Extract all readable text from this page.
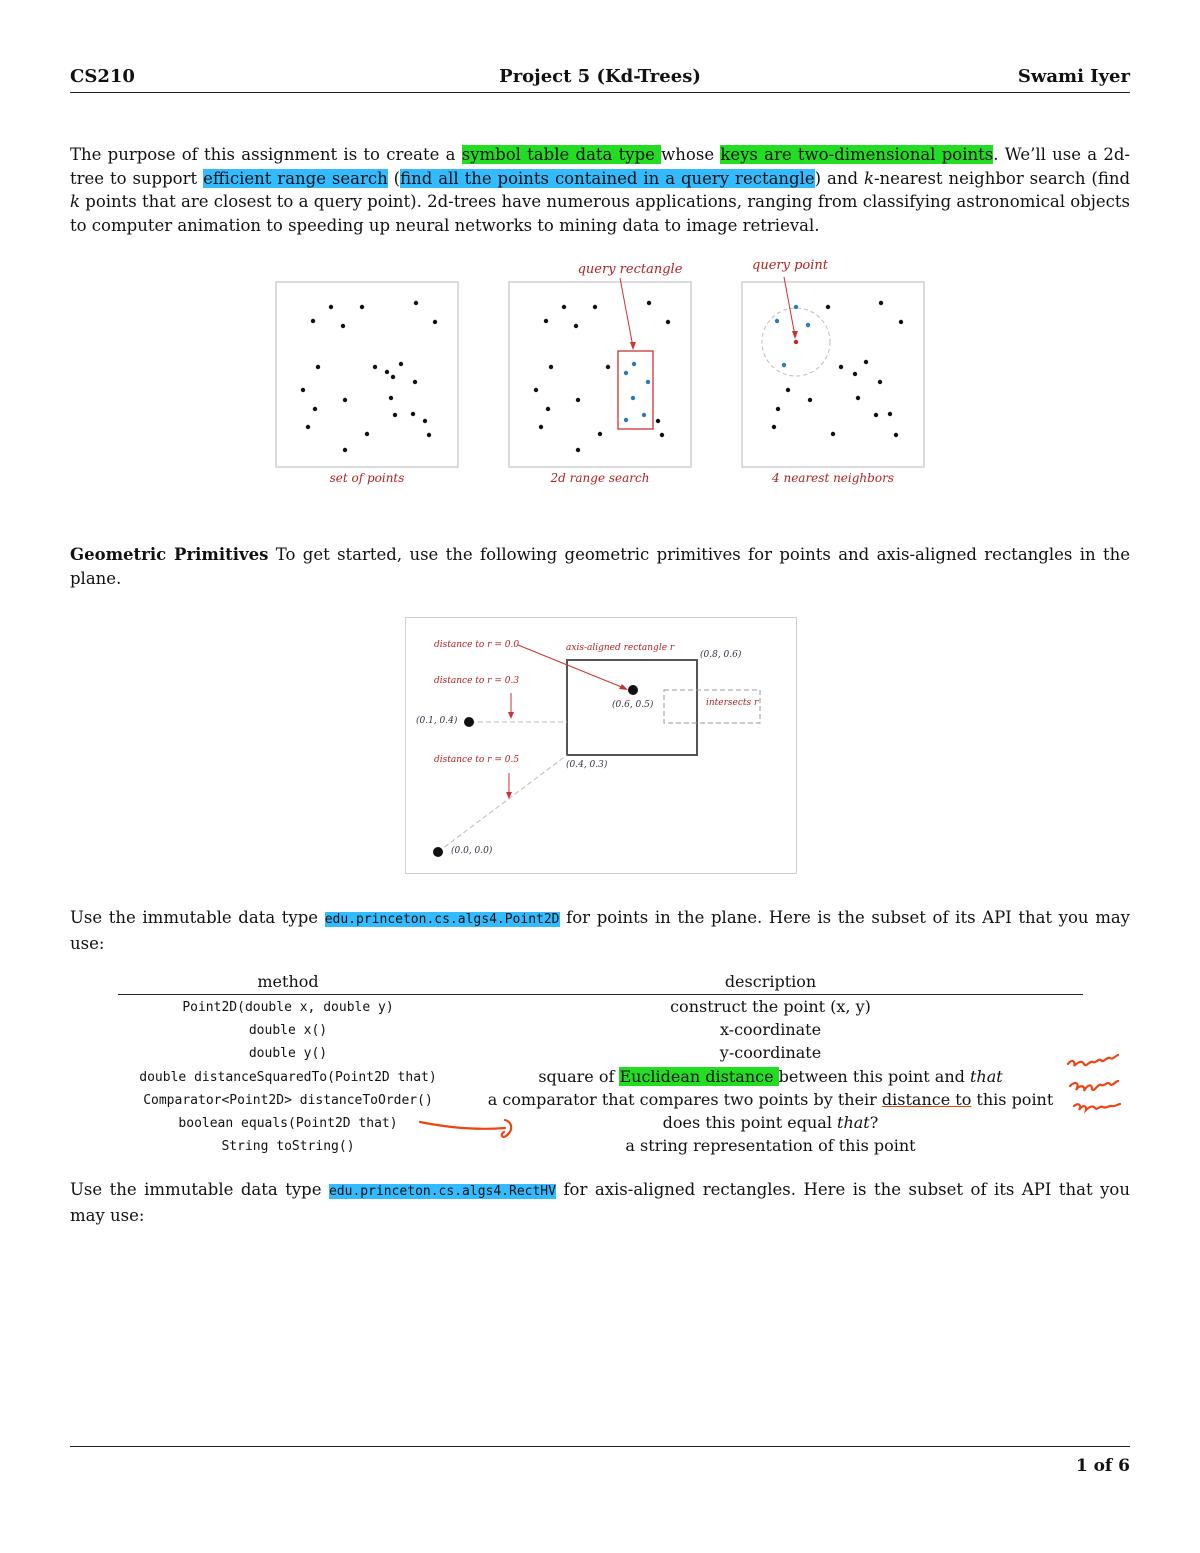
CS210	Project 5 (Kd-Trees)	Swami Iyer
The purpose of this assignment is to create a symbol table data type whose keys are two-dimensional points. We’ll use a 2d-tree to support efficient range search (find all the points contained in a query rectangle) and k-nearest neighbor search (find k points that are closest to a query point). 2d-trees have numerous applications, ranging from classifying astronomical objects to computer animation to speeding up neural networks to mining data to image retrieval.
query rectangle	query point
set of points	2d range search	4 nearest neighbors
Geometric Primitives To get started, use the following geometric primitives for points and axis-aligned rectangles in the plane.
distance to r = 0.0
distance to r = 0.3
distance to r = 0.5
axis-aligned rectangle r
intersects r
(0.8, 0.6)
(0.6, 0.5)
(0.1, 0.4)
(0.4, 0.3)
(0.0, 0.0)
Use the immutable data type edu.princeton.cs.algs4.Point2D for points in the plane. Here is the subset of its API that you may use:
method	description
Point2D(double x, double y)	construct the point (x, y)
double x()	x-coordinate
double y()	y-coordinate
double distanceSquaredTo(Point2D that)	square of Euclidean distance between this point and that
Comparator<Point2D> distanceToOrder()	a comparator that compares two points by their distance to this point
boolean equals(Point2D that)	does this point equal that?
String toString()	a string representation of this point
Use the immutable data type edu.princeton.cs.algs4.RectHV for axis-aligned rectangles. Here is the subset of its API that you may use:
1 of 6
